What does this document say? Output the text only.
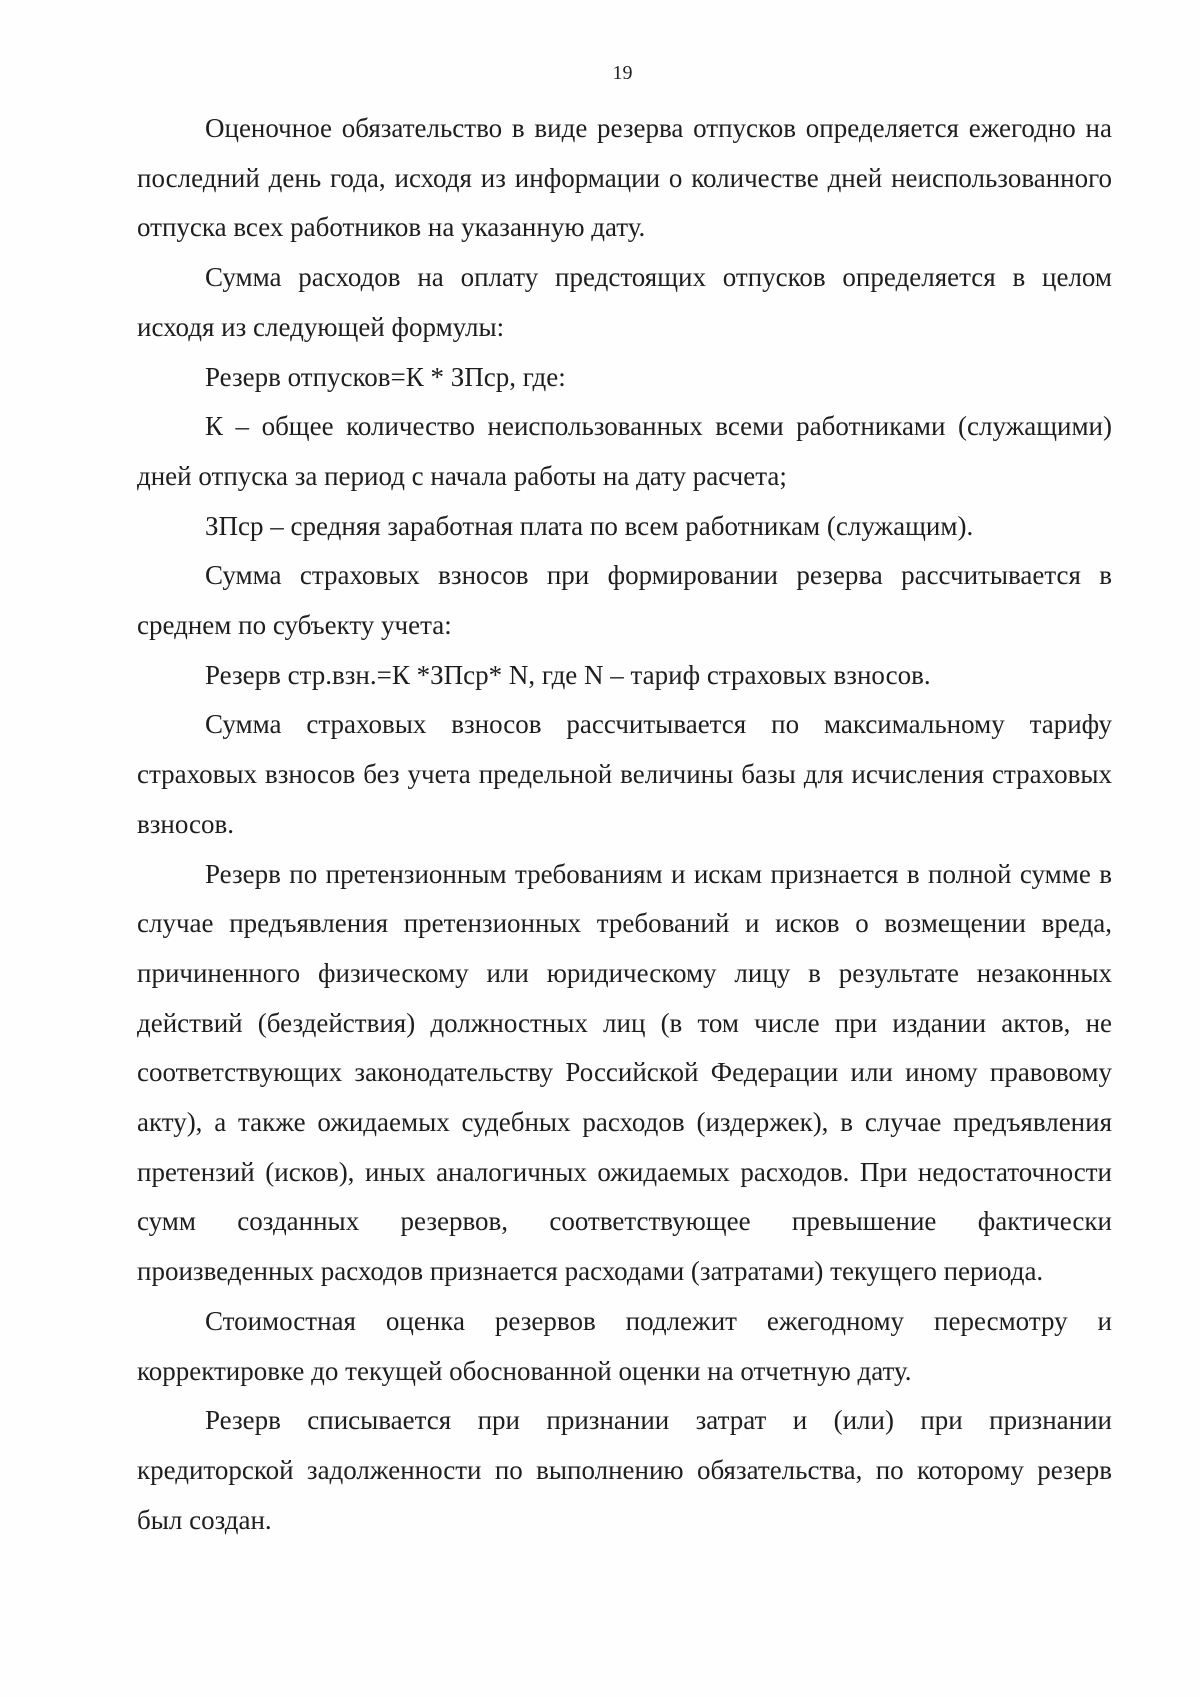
19

Оценочное обязательство в виде резерва отпусков определяется ежегодно на последний день года, исходя из информации о количестве дней неиспользованного отпуска всех работников на указанную дату.

Сумма расходов на оплату предстоящих отпусков определяется в целом исходя из следующей формулы:

Резерв отпусков=К * ЗПср, где:

К – общее количество неиспользованных всеми работниками (служащими) дней отпуска за период с начала работы на дату расчета;

ЗПср – средняя заработная плата по всем работникам (служащим).

Сумма страховых взносов при формировании резерва рассчитывается в среднем по субъекту учета:

Резерв стр.взн.=К *ЗПср* N, где N – тариф страховых взносов.

Сумма страховых взносов рассчитывается по максимальному тарифу страховых взносов без учета предельной величины базы для исчисления страховых взносов.

Резерв по претензионным требованиям и искам признается в полной сумме в случае предъявления претензионных требований и исков о возмещении вреда, причиненного физическому или юридическому лицу в результате незаконных действий (бездействия) должностных лиц (в том числе при издании актов, не соответствующих законодательству Российской Федерации или иному правовому акту), а также ожидаемых судебных расходов (издержек), в случае предъявления претензий (исков), иных аналогичных ожидаемых расходов. При недостаточности сумм созданных резервов, соответствующее превышение фактически произведенных расходов признается расходами (затратами) текущего периода.

Стоимостная оценка резервов подлежит ежегодному пересмотру и корректировке до текущей обоснованной оценки на отчетную дату.

Резерв списывается при признании затрат и (или) при признании кредиторской задолженности по выполнению обязательства, по которому резерв был создан.
